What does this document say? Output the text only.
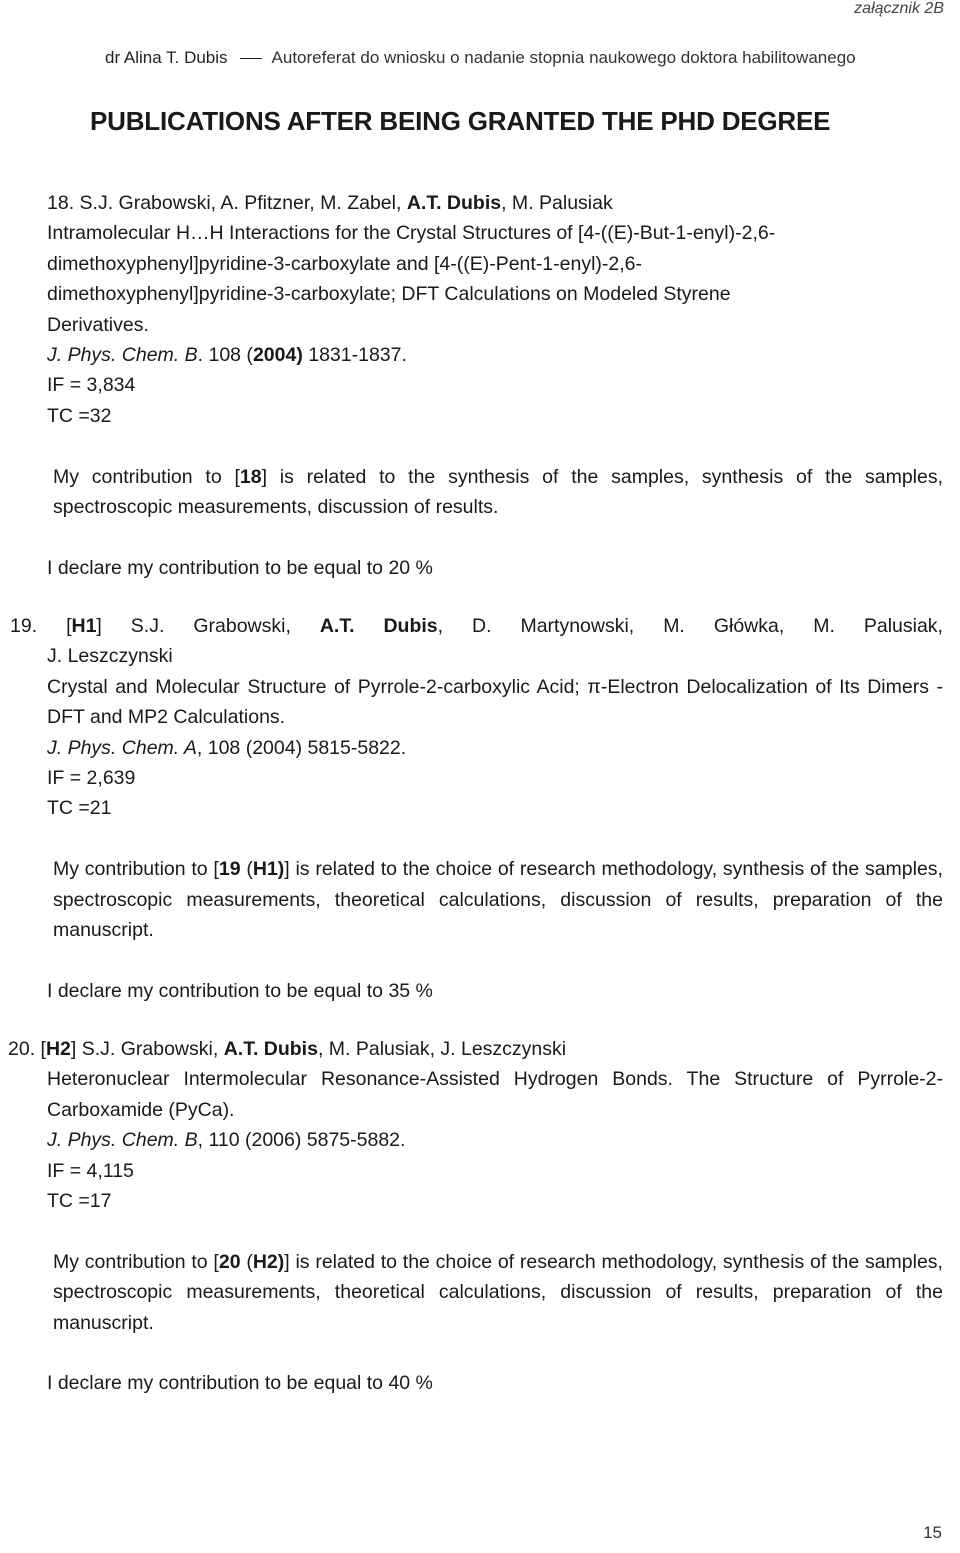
załącznik 2B
dr Alina T. Dubis	Autoreferat do wniosku o nadanie stopnia naukowego doktora habilitowanego
PUBLICATIONS AFTER BEING GRANTED THE PHD DEGREE
18. S.J. Grabowski, A. Pfitzner, M. Zabel, A.T. Dubis, M. Palusiak
Intramolecular H…H Interactions for the Crystal Structures of [4-((E)-But-1-enyl)-2,6-
dimethoxyphenyl]pyridine-3-carboxylate and [4-((E)-Pent-1-enyl)-2,6-
dimethoxyphenyl]pyridine-3-carboxylate; DFT Calculations on Modeled Styrene
Derivatives.
J. Phys. Chem. B. 108 (2004) 1831-1837.
IF = 3,834
TC =32
My contribution to [18] is related to the synthesis of the samples, synthesis of the samples, spectroscopic measurements, discussion of results.
I declare my contribution to be equal to 20 %
19. [H1] S.J. Grabowski, A.T. Dubis, D. Martynowski, M. Główka, M. Palusiak,
J. Leszczynski
Crystal and Molecular Structure of Pyrrole-2-carboxylic Acid; π-Electron Delocalization of Its Dimers - DFT and MP2 Calculations.
J. Phys. Chem. A, 108 (2004) 5815-5822.
IF = 2,639
TC =21
My contribution to [19 (H1)] is related to the choice of research methodology, synthesis of the samples, spectroscopic measurements, theoretical calculations, discussion of results, preparation of the manuscript.
I declare my contribution to be equal to 35 %
20. [H2] S.J. Grabowski, A.T. Dubis, M. Palusiak, J. Leszczynski
Heteronuclear Intermolecular Resonance-Assisted Hydrogen Bonds. The Structure of Pyrrole-2-Carboxamide (PyCa).
J. Phys. Chem. B, 110 (2006) 5875-5882.
IF = 4,115
TC =17
My contribution to [20 (H2)] is related to the choice of research methodology, synthesis of the samples, spectroscopic measurements, theoretical calculations, discussion of results, preparation of the manuscript.
I declare my contribution to be equal to 40 %
15
